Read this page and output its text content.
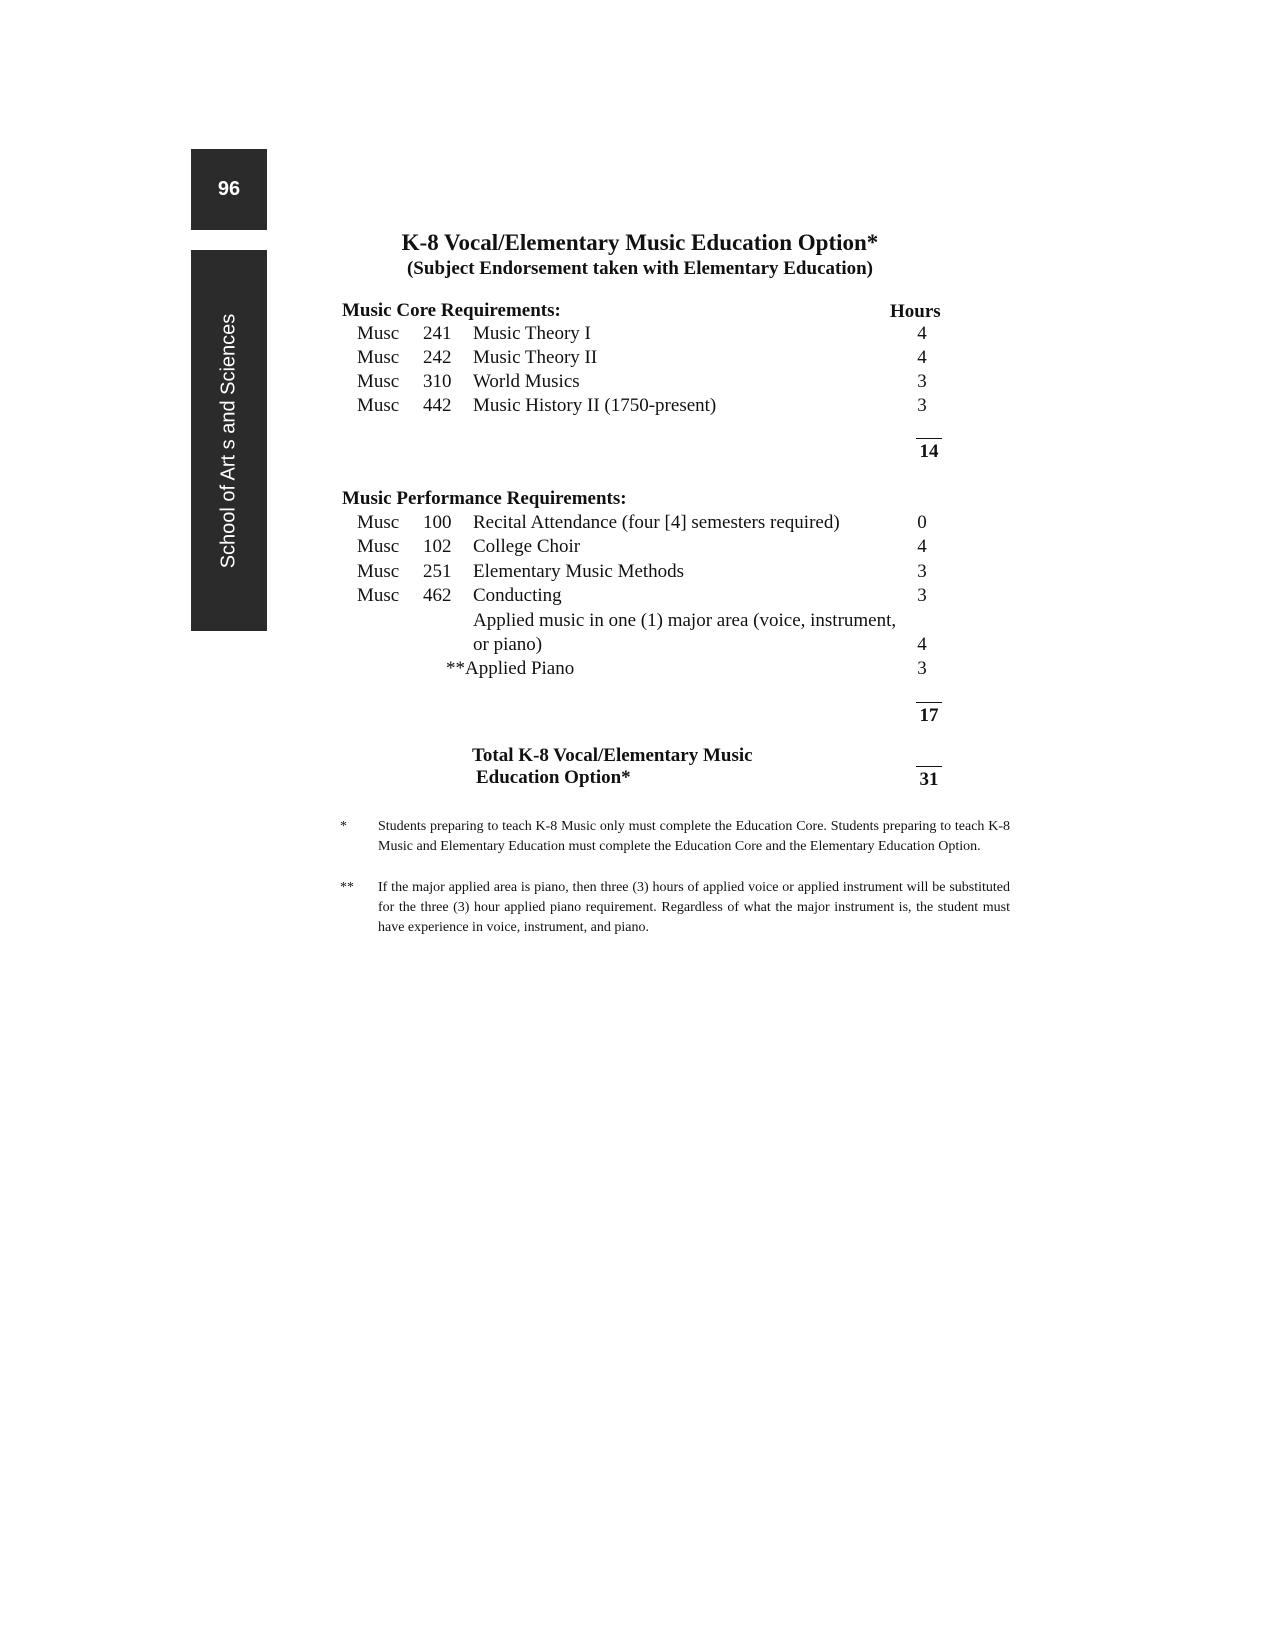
96
School of Art s and Sciences
K-8 Vocal/Elementary Music Education Option*
(Subject Endorsement taken with Elementary Education)
Music Core Requirements:	Hours
Musc 241 Music Theory I	4
Musc 242 Music Theory II	4
Musc 310 World Musics	3
Musc 442 Music History II (1750-present)	3
14
Music Performance Requirements:
Musc 100 Recital Attendance (four [4] semesters required)	0
Musc 102 College Choir	4
Musc 251 Elementary Music Methods	3
Musc 462 Conducting	3
Applied music in one (1) major area (voice, instrument,
or piano)	4
**Applied Piano	3
17
Total K-8 Vocal/Elementary Music
Education Option*	31
* Students preparing to teach K-8 Music only must complete the Education Core. Students preparing to teach K-8 Music and Elementary Education must complete the Education Core and the Elementary Education Option.
** If the major applied area is piano, then three (3) hours of applied voice or applied instrument will be substituted for the three (3) hour applied piano requirement. Regardless of what the major instrument is, the student must have experience in voice, instrument, and piano.
